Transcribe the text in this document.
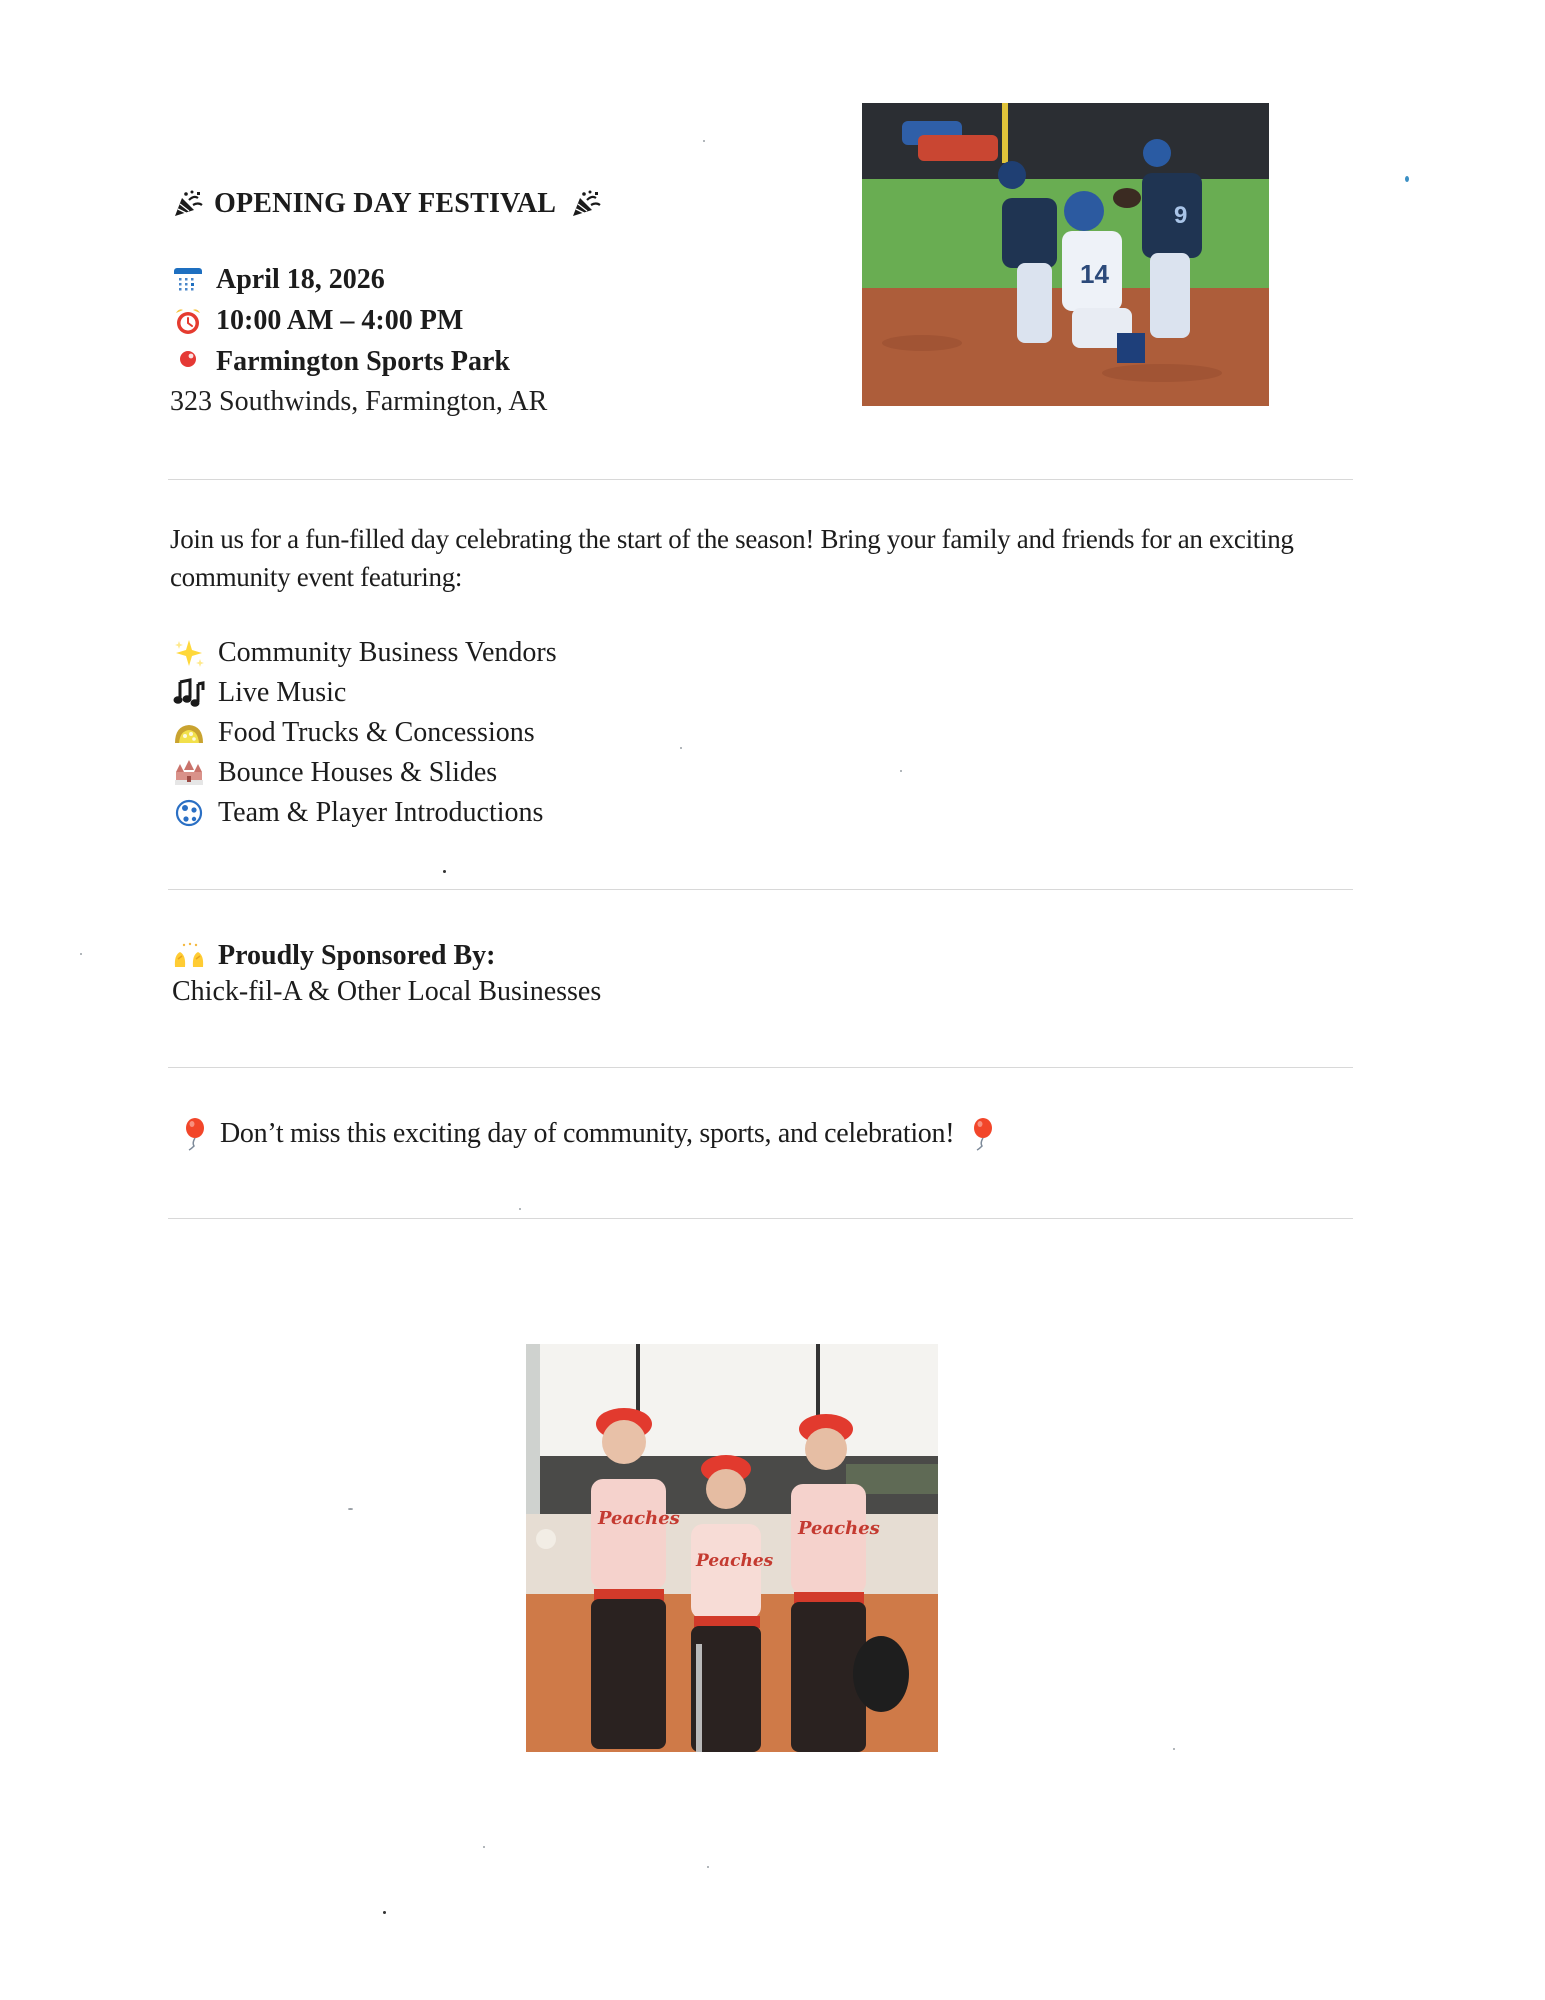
OPENING DAY FESTIVAL
April 18, 2026
10:00 AM – 4:00 PM
Farmington Sports Park
323 Southwinds, Farmington, AR
14
9
Join us for a fun-filled day celebrating the start of the season! Bring your family and friends for an exciting community event featuring:
Community Business Vendors
Live Music
Food Trucks & Concessions
Bounce Houses & Slides
Team & Player Introductions
Proudly Sponsored By:
Chick-fil-A & Other Local Businesses
Don’t miss this exciting day of community, sports, and celebration!
Peaches
Peaches
Peaches
